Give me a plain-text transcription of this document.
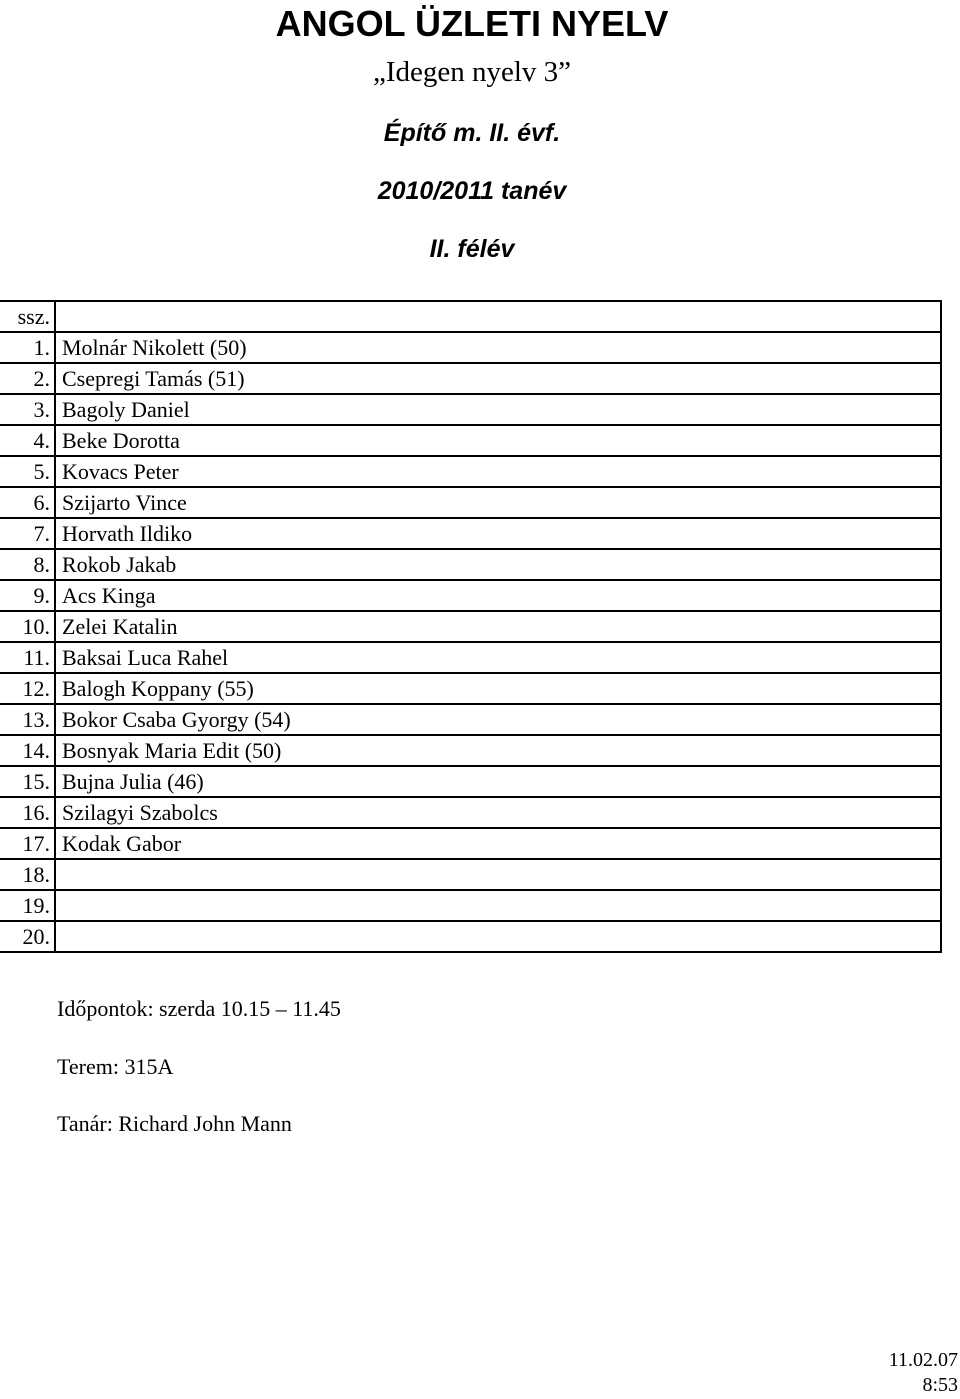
ANGOL ÜZLETI NYELV
„Idegen nyelv 3”
Építő m. II. évf.
2010/2011 tanév
II. félév
ssz.	
1.	Molnár Nikolett (50)
2.	Csepregi Tamás (51)
3.	Bagoly Daniel
4.	Beke Dorotta
5.	Kovacs Peter
6.	Szijarto Vince
7.	Horvath Ildiko
8.	Rokob Jakab
9.	Acs Kinga
10.	Zelei Katalin
11.	Baksai Luca Rahel
12.	Balogh Koppany (55)
13.	Bokor Csaba Gyorgy (54)
14.	Bosnyak Maria Edit (50)
15.	Bujna Julia (46)
16.	Szilagyi Szabolcs
17.	Kodak Gabor
18.	
19.	
20.	
Időpontok: szerda 10.15 – 11.45
Terem: 315A
Tanár: Richard John Mann
11.02.07
8:53
